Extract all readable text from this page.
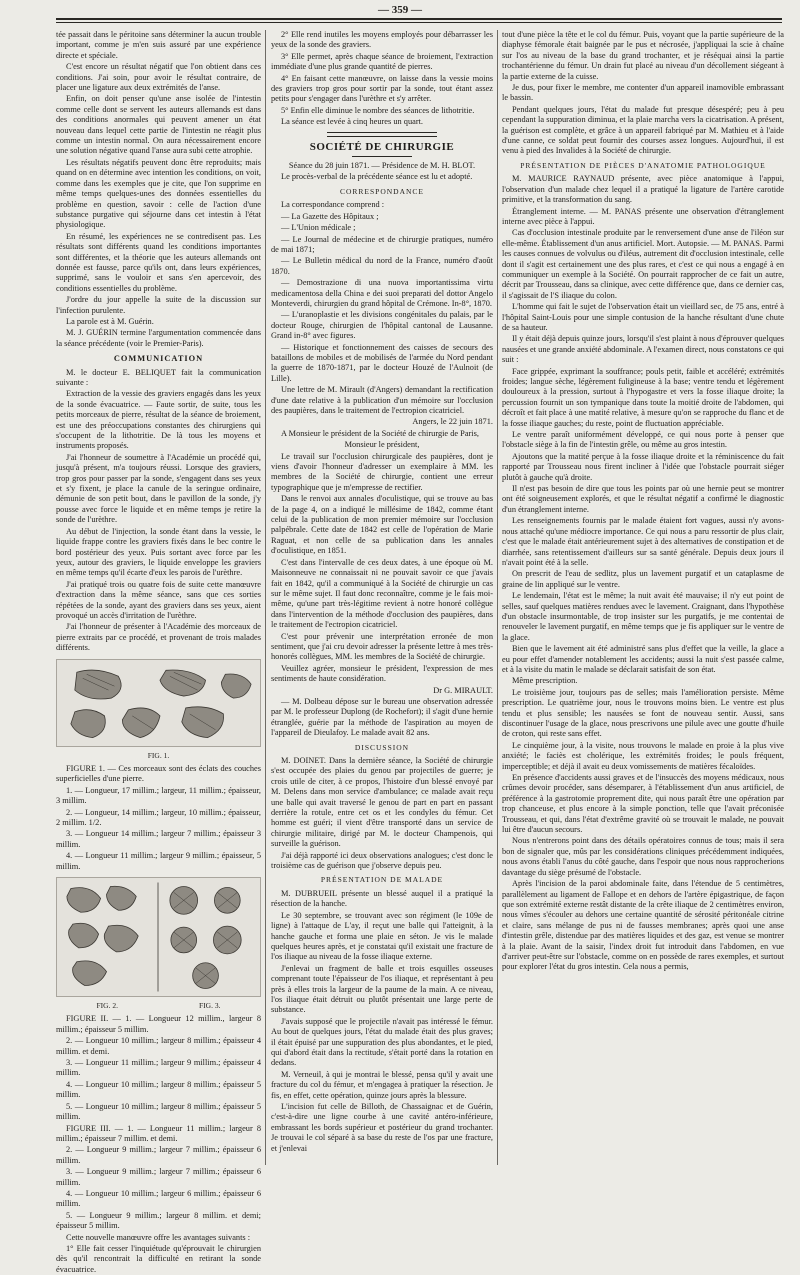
— 359 —

tée passait dans le péritoine sans déterminer la aucun trouble important, comme je m'en suis assuré par une expérience directe et spéciale.

C'est encore un résultat négatif que l'on obtient dans ces conditions. J'ai soin, pour avoir le résultat contraire, de placer une ligature aux deux extrémités de l'anse.

Enfin, on doit penser qu'une anse isolée de l'intestin comme celle dont se servent les auteurs allemands est dans des conditions anormales qui peuvent amener un état nouveau dans lequel cette partie de l'intestin ne réagit plus comme un intestin normal. On aura nécessairement encore une solution négative quand l'anse aura subi cette atrophie.

Les résultats négatifs peuvent donc être reproduits; mais quand on en détermine avec intention les conditions, on voit, comme dans les exemples que je cite, que l'on supprime en même temps quelques-unes des données essentielles du problème en question, savoir : celle de l'action d'une substance purgative qui séjourne dans cet intestin à l'état physiologique.

En résumé, les expériences ne se contredisent pas. Les résultats sont différents quand les conditions importantes sont différentes, et la théorie que les auteurs allemands ont donnée est fausse, parce qu'ils ont, dans leurs expériences, supprimé, sans le vouloir et sans s'en apercevoir, des conditions essentielles du problème.

J'ordre du jour appelle la suite de la discussion sur l'infection purulente.

La parole est à M. Guérin.

M. J. GUÉRIN termine l'argumentation commencée dans la séance précédente (voir le Premier-Paris).

COMMUNICATION

M. le docteur E. BELIQUET fait la communication suivante :

Extraction de la vessie des graviers engagés dans les yeux de la sonde évacuatrice. — Faute sortir, de suite, tous les petits morceaux de pierre, résultat de la séance de broiement, est une des préoccupations constantes des chirurgiens qui s'occupent de la lithotritie. De là tous les moyens et instruments proposés.

J'ai l'honneur de soumettre à l'Académie un procédé qui, jusqu'à présent, m'a toujours réussi. Lorsque des graviers, trop gros pour passer par la sonde, s'engagent dans ses yeux et s'y fixent, je place la canule de la seringue ordinaire, démunie de son petit bout, dans le pavillon de la sonde, j'y pousse avec force le liquide et en même temps je retire la sonde de l'urèthre.

Au début de l'injection, la sonde étant dans la vessie, le liquide frappe contre les graviers fixés dans le bec contre le bord postérieur des yeux. Puis sortant avec force par les yeux, autour des graviers, le liquide enveloppe les graviers en même temps qu'il écarte d'eux les parois de l'urèthre.

J'ai pratiqué trois ou quatre fois de suite cette manœuvre d'extraction dans la même séance, sans que ces sorties répétées de la sonde, ayant des graviers dans ses yeux, aient provoqué un accès d'irritation de l'urèthre.

J'ai l'honneur de présenter à l'Académie des morceaux de pierre extraits par ce procédé, et provenant de trois malades différents.

FIG. 1.

FIGURE 1. — Ces morceaux sont des éclats des couches superficielles d'une pierre.

1. — Longueur, 17 millim.; largeur, 11 millim.; épaisseur, 3 millim.

2. — Longueur, 14 millim.; largeur, 10 millim.; épaisseur, 2 millim. 1/2.

3. — Longueur 14 millim.; largeur 7 millim.; épaisseur 3 millim.

4. — Longueur 11 millim.; largeur 9 millim.; épaisseur, 5 millim.

FIG. 2.	FIG. 3.

FIGURE II. — 1. — Longueur 12 millim., largeur 8 millim.; épaisseur 5 millim.

2. — Longueur 10 millim.; largeur 8 millim.; épaisseur 4 millim. et demi.

3. — Longueur 11 millim.; largeur 9 millim.; épaisseur 4 millim.

4. — Longueur 10 millim.; largeur 8 millim.; épaisseur 5 millim.

5. — Longueur 10 millim.; largeur 8 millim.; épaisseur 5 millim.

FIGURE III. — 1. — Longueur 11 millim.; largeur 8 millim.; épaisseur 7 millim. et demi.

2. — Longueur 9 millim.; largeur 7 millim.; épaisseur 6 millim.

3. — Longueur 9 millim.; largeur 7 millim.; épaisseur 6 millim.

4. — Longueur 10 millim.; largeur 6 millim.; épaisseur 6 millim.

5. — Longueur 9 millim.; largeur 8 millim. et demi; épaisseur 5 millim.

Cette nouvelle manœuvre offre les avantages suivants :

1° Elle fait cesser l'inquiétude qu'éprouvait le chirurgien dès qu'il rencontrait la difficulté en retirant la sonde évacuatrice.

2° Elle rend inutiles les moyens employés pour débarrasser les yeux de la sonde des graviers.

3° Elle permet, après chaque séance de broiement, l'extraction immédiate d'une plus grande quantité de pierres.

4° En faisant cette manœuvre, on laisse dans la vessie moins des graviers trop gros pour sortir par la sonde, tout étant assez petits pour s'engager dans l'urèthre et s'y arrêter.

5° Enfin elle diminue le nombre des séances de lithotritie.

La séance est levée à cinq heures un quart.

SOCIÉTÉ DE CHIRURGIE

Séance du 28 juin 1871. — Présidence de M. H. BLOT.

Le procès-verbal de la précédente séance est lu et adopté.

CORRESPONDANCE

La correspondance comprend :

— La Gazette des Hôpitaux ;

— L'Union médicale ;

— Le Journal de médecine et de chirurgie pratiques, numéro de mai 1871;

— Le Bulletin médical du nord de la France, numéro d'août 1870.

— Demostrazione di una nuova importantissima virtu medicamentosa della China e dei suoi preparati del dottor Angelo Monteverdi, chirurgien du grand hôpital de Crémone. In-8°, 1870.

— L'uranoplastie et les divisions congénitales du palais, par le docteur Rouge, chirurgien de l'hôpital cantonal de Lausanne. Grand in-8° avec figures.

— Historique et fonctionnement des caisses de secours des bataillons de mobiles et de mobilisés de l'armée du Nord pendant la guerre de 1870-1871, par le docteur Houzé de l'Aulnoit (de Lille).

Une lettre de M. Mirault (d'Angers) demandant la rectification d'une date relative à la publication d'un mémoire sur l'occlusion des paupières, dans le traitement de l'ectropion cicatriciel.

Angers, le 22 juin 1871.

A Monsieur le président de la Société de chirurgie de Paris,

Monsieur le président,

Le travail sur l'occlusion chirurgicale des paupières, dont je viens d'avoir l'honneur d'adresser un exemplaire à MM. les membres de la Société de chirurgie, contient une erreur typographique que je m'empresse de rectifier.

Dans le renvoi aux annales d'oculistique, qui se trouve au bas de la page 4, on a indiqué le millésime de 1842, comme étant celui de la publication de mon premier mémoire sur l'occlusion palpébrale. Cette date de 1842 est celle de l'opération de Marie Raguat, et non celle de sa publication dans les annales d'oculistique, en 1851.

C'est dans l'intervalle de ces deux dates, à une époque où M. Maisonneuve ne connaissait ni ne pouvait savoir ce que j'avais fait en 1842, qu'il a communiqué à la Société de chirurgie un cas sur le même sujet. Il faut donc reconnaître, comme je le fais moi-même, qu'une part très-légitime revient à notre honoré collègue dans l'intervention de la méthode d'occlusion des paupières, dans le traitement de l'ectropion cicatriciel.

C'est pour prévenir une interprétation erronée de mon sentiment, que j'ai cru devoir adresser la présente lettre à mes très-honorés collègues, MM. les membres de la Société de chirurgie.

Veuillez agréer, monsieur le président, l'expression de mes sentiments de haute considération.

Dr G. MIRAULT.

— M. Dolbeau dépose sur le bureau une observation adressée par M. le professeur Duplong (de Rochefort); il s'agit d'une hernie étranglée, guérie par la méthode de l'aspiration au moyen de l'appareil de Dieulafoy. Le malade avait 82 ans.

DISCUSSION

M. DOINET. Dans la dernière séance, la Société de chirurgie s'est occupée des plaies du genou par projectiles de guerre; je crois utile de citer, à ce propos, l'histoire d'un blessé envoyé par M. Delens dans mon service d'ambulance; ce malade avait reçu une balle qui avait traversé le genou de part en part en passant derrière la rotule, entre cet os et les condyles du fémur. Cet homme est guéri; il vient d'être transporté dans un service de chirurgie militaire, dirigé par M. le docteur Champenois, qui surveille la guérison.

J'ai déjà rapporté ici deux observations analogues; c'est donc le troisième cas de guérison que j'observe depuis peu.

PRÉSENTATION DE MALADE

M. DUBRUEIL présente un blessé auquel il a pratiqué la résection de la hanche.

Le 30 septembre, se trouvant avec son régiment (le 109e de ligne) à l'attaque de L'ay, il reçut une balle qui l'atteignit, à la hanche gauche et forma une plaie en séton. Je vis le malade quelques heures après, et je constatai qu'il existait une fracture de l'os iliaque au niveau de la fosse iliaque externe.

J'enlevai un fragment de balle et trois esquilles osseuses comprenant toute l'épaisseur de l'os iliaque, et représentant à peu près à elles trois la largeur de la paume de la main. A ce niveau, l'os iliaque était détruit ou plutôt présentait une large perte de substance.

J'avais supposé que le projectile n'avait pas intéressé le fémur. Au bout de quelques jours, l'état du malade était des plus graves; il était épuisé par une suppuration des plus abondantes, et le pied, qui d'abord était dans la rectitude, s'était porté dans la rotation en dedans.

M. Verneuil, à qui je montrai le blessé, pensa qu'il y avait une fracture du col du fémur, et m'engagea à pratiquer la résection. Je fis, en effet, cette opération, quinze jours après la blessure.

L'incision fut celle de Billoth, de Chassaignac et de Guérin, c'est-à-dire une ligne courbe à une cavité antéro-inférieure, embrassant les bords supérieur et postérieur du grand trochanter. Je trouvai le col séparé à sa base du reste de l'os par une fracture, et j'enlevai

tout d'une pièce la tête et le col du fémur. Puis, voyant que la partie supérieure de la diaphyse fémorale était baignée par le pus et nécrosée, j'appliquai la scie à chaîne sur l'os au niveau de la base du grand trochanter, et je réséquai ainsi la partie trochantérienne du fémur. Un drain fut placé au niveau d'un décollement siégeant à la partie externe de la cuisse.

Je dus, pour fixer le membre, me contenter d'un appareil inamovible embrassant le bassin.

Pendant quelques jours, l'état du malade fut presque désespéré; peu à peu cependant la suppuration diminua, et la plaie marcha vers la cicatrisation. A présent, la guérison est complète, et grâce à un appareil fabriqué par M. Mathieu et à l'aide d'une canne, ce soldat peut fournir des courses assez longues. Aujourd'hui, il est venu à pied des Invalides à la Société de chirurgie.

PRÉSENTATION DE PIÈCES D'ANATOMIE PATHOLOGIQUE

M. MAURICE RAYNAUD présente, avec pièce anatomique à l'appui, l'observation d'un malade chez lequel il a pratiqué la ligature de l'artère carotide primitive, et la transformation du sang.

Étranglement interne. — M. PANAS présente une observation d'étranglement interne avec pièce à l'appui.

Cas d'occlusion intestinale produite par le renversement d'une anse de l'iléon sur elle-même. Établissement d'un anus artificiel. Mort. Autopsie. — M. PANAS. Parmi les causes connues de volvulus ou d'iléus, autrement dit d'occlusion intestinale, celle dont il s'agit est certainement une des plus rares, et c'est ce qui nous a engagé à en communiquer un exemple à la Société. On pourrait rapprocher de ce fait un autre, décrit par Trousseau, dans sa clinique, avec cette différence que, dans ce dernier cas, il s'agissait de l'S iliaque du colon.

L'homme qui fait le sujet de l'observation était un vieillard sec, de 75 ans, entré à l'hôpital Saint-Louis pour une simple contusion de la hanche résultant d'une chute de sa hauteur.

Il y était déjà depuis quinze jours, lorsqu'il s'est plaint à nous d'éprouver quelques nausées et une grande anxiété abdominale. A l'examen direct, nous constatons ce qui suit :

Face grippée, exprimant la souffrance; pouls petit, faible et accéléré; extrémités froides; langue sèche, légèrement fuligineuse à la base; ventre tendu et légèrement douloureux à la pression, surtout à l'hypogastre et vers la fosse iliaque droite; la percussion fournit un son tympanique dans toute la moitié droite de l'abdomen, qui décroît et fait place à une matité relative, à mesure qu'on se rapproche du flanc et de la fosse iliaque gauches; du reste, point de fluctuation appréciable.

Le ventre paraît uniformément développé, ce qui nous porte à penser que l'obstacle siège à la fin de l'intestin grêle, ou même au gros intestin.

Ajoutons que la matité perçue à la fosse iliaque droite et la réminiscence du fait rapporté par Trousseau nous firent incliner à l'idée que l'obstacle pourrait siéger plutôt à gauche qu'à droite.

Il n'est pas besoin de dire que tous les points par où une hernie peut se montrer ont été soigneusement explorés, et que le résultat négatif a confirmé le diagnostic d'un étranglement interne.

Les renseignements fournis par le malade étaient fort vagues, aussi n'y avons-nous attaché qu'une médiocre importance. Ce qui nous a paru ressortir de plus clair, c'est que le malade était antérieurement sujet à des alternatives de constipation et de diarrhée, sans retentissement d'ailleurs sur sa santé générale. Depuis deux jours il n'avait point été à la selle.

On prescrit de l'eau de sedlitz, plus un lavement purgatif et un cataplasme de graine de lin appliqué sur le ventre.

Le lendemain, l'état est le même; la nuit avait été mauvaise; il n'y eut point de selles, sauf quelques matières rendues avec le lavement. Craignant, dans l'hypothèse d'un obstacle insurmontable, de trop insister sur les purgatifs, je me contentai de renouveler le lavement purgatif, en même temps que je fis appliquer sur le ventre de la glace.

Bien que le lavement ait été administré sans plus d'effet que la veille, la glace a eu pour effet d'amender notablement les accidents; aussi la nuit s'est passée calme, et à la visite du matin le malade se déclarait satisfait de son état.

Même prescription.

Le troisième jour, toujours pas de selles; mais l'amélioration persiste. Même prescription. Le quatrième jour, nous le trouvons moins bien. Le ventre est plus tendu et plus sensible; les nausées se font de nouveau sentir. Aussi, sans discontinuer l'usage de la glace, nous prescrivons une pilule avec une goutte d'huile de croton, qui reste sans effet.

Le cinquième jour, à la visite, nous trouvons le malade en proie à la plus vive anxiété; le faciès est cholérique, les extrémités froides; le pouls fréquent, imperceptible; et déjà il avait eu deux vomissements de matières fécaloïdes.

En présence d'accidents aussi graves et de l'insuccès des moyens médicaux, nous crûmes devoir procéder, sans désemparer, à l'établissement d'un anus artificiel, de préférence à la gastrotomie proprement dite, qui nous paraît être une opération par trop chanceuse, et plus encore à la simple ponction, telle que l'avait préconisée Trousseau, et qui, dans l'état d'extrême gravité où se trouvait le malade, ne pouvait lui être d'aucun secours.

Nous n'entrerons point dans des détails opératoires connus de tous; mais il sera bon de signaler que, mûs par les considérations cliniques précédemment indiquées, nous avons établi l'anus du côté gauche, dans l'espoir que nous nous rapprocherions davantage du siège présumé de l'obstacle.

Après l'incision de la paroi abdominale faite, dans l'étendue de 5 centimètres, parallèlement au ligament de Fallope et en dehors de l'artère épigastrique, de façon que son extrémité externe restât distante de la crête iliaque de 2 centimètres environ, nous vîmes s'écouler au dehors une certaine quantité de sérosité péritonéale citrine et claire, sans mélange de pus ni de fausses membranes; après quoi une anse d'intestin grêle, distendue par des matières liquides et des gaz, est venue se montrer à la plaie. Avant de la saisir, l'index droit fut introduit dans l'abdomen, en vue d'arriver peut-être sur l'obstacle, comme on en possède de rares exemples, et surtout pour explorer l'état du gros intestin. Cela nous a permis,
